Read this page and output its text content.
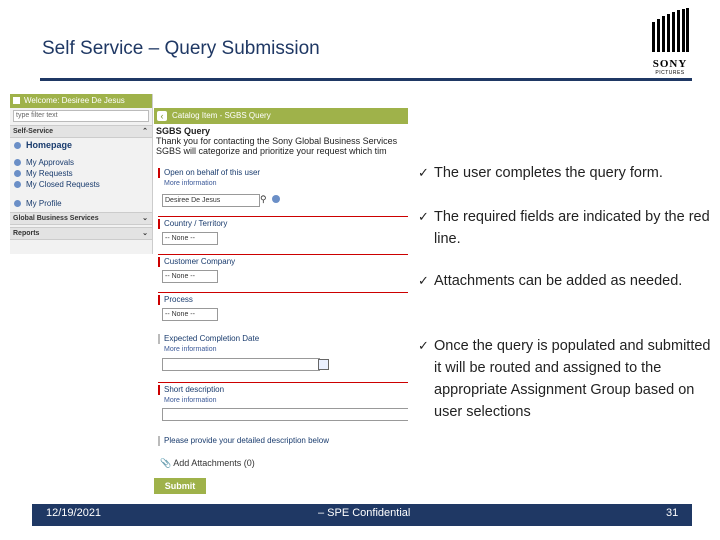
Self Service – Query Submission
SONY
PICTURES
Welcome: Desiree De Jesus
type filter text
Self-Service	⌃
Homepage
My Approvals
My Requests
My Closed Requests
My Profile
Global Business Services	⌄
Reports	⌄
‹	Catalog Item - SGBS Query
SGBS Query
Thank you for contacting the Sony Global Business Services
SGBS will categorize and prioritize your request which tim
Open on behalf of this user
More information
Desiree De Jesus	⚲
Country / Territory
-- None --
Customer Company
-- None --
Process
-- None --
Expected Completion Date
More information
Short description
More information
Please provide your detailed description below
📎 Add Attachments (0)
Submit
✓ The user completes the query form.
✓ The required fields are indicated by the red line.
✓ Attachments can be added as needed.
✓ Once the query is populated and submitted it will be routed and assigned to the appropriate Assignment Group based on user selections
12/19/2021	– SPE Confidential	31
